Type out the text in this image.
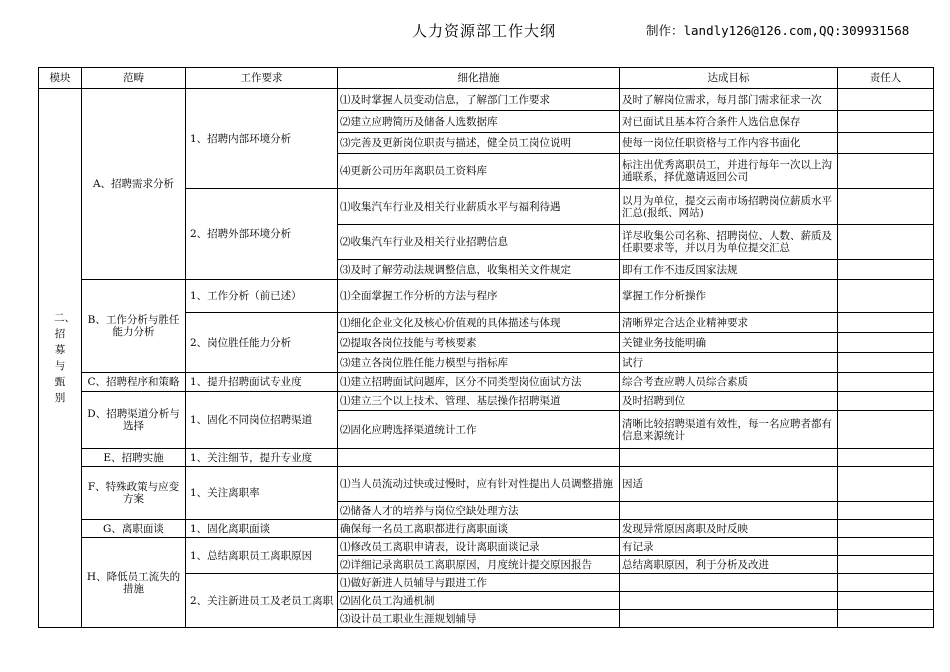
人力资源部工作大纲	制作：landly126@126.com,QQ:309931568
模块	范畴	工作要求	细化措施	达成目标	责任人
二、招募与甄别	A、招聘需求分析	1、招聘内部环境分析	⑴及时掌握人员变动信息，了解部门工作要求	及时了解岗位需求，每月部门需求征求一次	
			⑵建立应聘简历及储备人选数据库	对已面试且基本符合条件人选信息保存	
			⑶完善及更新岗位职责与描述，健全员工岗位说明	使每一岗位任职资格与工作内容书面化	
			⑷更新公司历年离职员工资料库	标注出优秀离职员工，并进行每年一次以上沟通联系，择优邀请返回公司	
		2、招聘外部环境分析	⑴收集汽车行业及相关行业薪质水平与福利待遇	以月为单位，提交云南市场招聘岗位薪质水平汇总(报纸、网站)	
			⑵收集汽车行业及相关行业招聘信息	详尽收集公司名称、招聘岗位、人数、薪质及任职要求等，并以月为单位提交汇总	
			⑶及时了解劳动法规调整信息，收集相关文件规定	即有工作不违反国家法规	
	B、工作分析与胜任能力分析	1、工作分析（前已述）	⑴全面掌握工作分析的方法与程序	掌握工作分析操作	
		2、岗位胜任能力分析	⑴细化企业文化及核心价值观的具体描述与体现	清晰界定合达企业精神要求	
			⑵提取各岗位技能与考核要素	关键业务技能明确	
			⑶建立各岗位胜任能力模型与指标库	试行	
	C、招聘程序和策略	1、提升招聘面试专业度	⑴建立招聘面试问题库，区分不同类型岗位面试方法	综合考查应聘人员综合素质	
	D、招聘渠道分析与选择	1、固化不同岗位招聘渠道	⑴建立三个以上技术、管理、基层操作招聘渠道	及时招聘到位	
			⑵固化应聘选择渠道统计工作	清晰比较招聘渠道有效性，每一名应聘者都有信息来源统计	
	E、招聘实施	1、关注细节，提升专业度			
	F、特殊政策与应变方案	1、关注离职率	⑴当人员流动过快或过慢时，应有针对性提出人员调整措施	因适	
			⑵储备人才的培养与岗位空缺处理方法		
	G、离职面谈	1、固化离职面谈	确保每一名员工离职都进行离职面谈	发现异常原因离职及时反映	
	H、降低员工流失的措施	1、总结离职员工离职原因	⑴修改员工离职申请表，设计离职面谈记录	有记录	
			⑵详细记录离职员工离职原因，月度统计提交原因报告	总结离职原因，利于分析及改进	
		2、关注新进员工及老员工离职	⑴做好新进人员辅导与跟进工作		
			⑵固化员工沟通机制		
			⑶设计员工职业生涯规划辅导		
